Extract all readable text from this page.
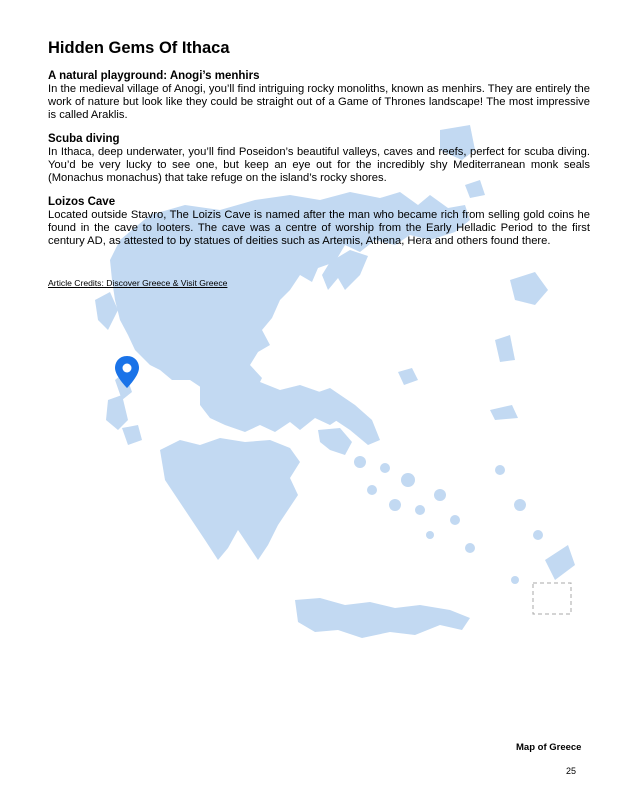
Hidden Gems Of Ithaca
A natural playground: Anogi’s menhirs

In the medieval village of Anogi, you’ll find intriguing rocky monoliths, known as menhirs. They are entirely the work of nature but look like they could be straight out of a Game of Thrones landscape! The most impressive is called Araklis.

Scuba diving

In Ithaca, deep underwater, you’ll find Poseidon’s beautiful valleys, caves and reefs, perfect for scuba diving. You’d be very lucky to see one, but keep an eye out for the incredibly shy Mediterranean monk seals (Monachus monachus) that take refuge on the island’s rocky shores.

Loizos Cave

Located outside Stavro, The Loizis Cave is named after the man who became rich from selling gold coins he found in the cave to looters. The cave was a centre of worship from the Early Helladic Period to the first century AD, as attested to by statues of deities such as Artemis, Athena, Hera and others found there.

Article Credits: Discover Greece & Visit Greece
Map of Greece
25
